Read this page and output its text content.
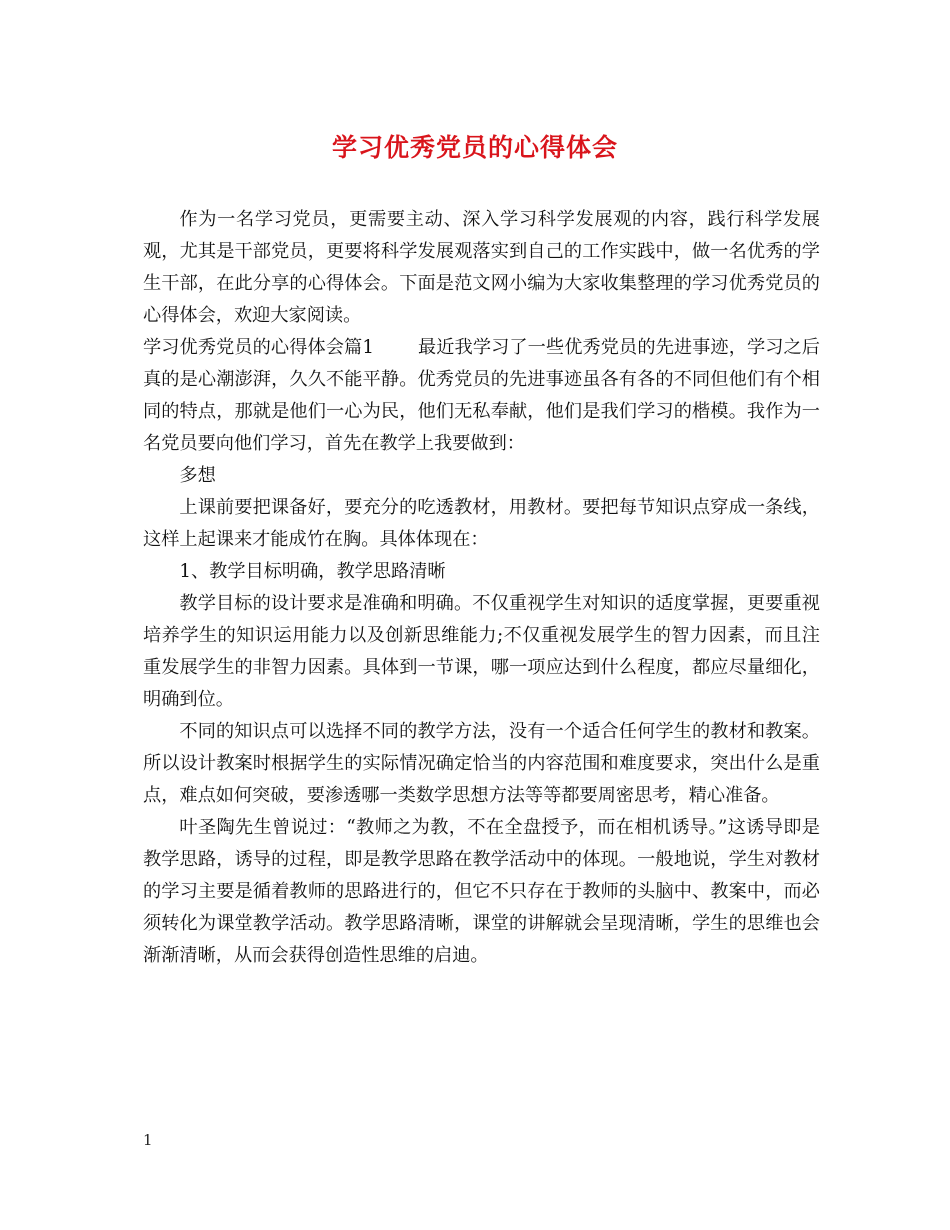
学习优秀党员的心得体会

作为一名学习党员，更需要主动、深入学习科学发展观的内容，践行科学发展观，尤其是干部党员，更要将科学发展观落实到自己的工作实践中，做一名优秀的学生干部，在此分享的心得体会。下面是范文网小编为大家收集整理的学习优秀党员的心得体会，欢迎大家阅读。

学习优秀党员的心得体会篇1 最近我学习了一些优秀党员的先进事迹，学习之后真的是心潮澎湃，久久不能平静。优秀党员的先进事迹虽各有各的不同但他们有个相同的特点，那就是他们一心为民，他们无私奉献，他们是我们学习的楷模。我作为一名党员要向他们学习，首先在教学上我要做到：

多想

上课前要把课备好，要充分的吃透教材，用教材。要把每节知识点穿成一条线，这样上起课来才能成竹在胸。具体体现在：

1、教学目标明确，教学思路清晰

教学目标的设计要求是准确和明确。不仅重视学生对知识的适度掌握，更要重视培养学生的知识运用能力以及创新思维能力;不仅重视发展学生的智力因素，而且注重发展学生的非智力因素。具体到一节课，哪一项应达到什么程度，都应尽量细化，明确到位。

不同的知识点可以选择不同的教学方法，没有一个适合任何学生的教材和教案。所以设计教案时根据学生的实际情况确定恰当的内容范围和难度要求，突出什么是重点，难点如何突破，要渗透哪一类数学思想方法等等都要周密思考，精心准备。

叶圣陶先生曾说过：“教师之为教，不在全盘授予，而在相机诱导。”这诱导即是教学思路，诱导的过程，即是教学思路在教学活动中的体现。一般地说，学生对教材的学习主要是循着教师的思路进行的，但它不只存在于教师的头脑中、教案中，而必须转化为课堂教学活动。教学思路清晰，课堂的讲解就会呈现清晰，学生的思维也会渐渐清晰，从而会获得创造性思维的启迪。

1
